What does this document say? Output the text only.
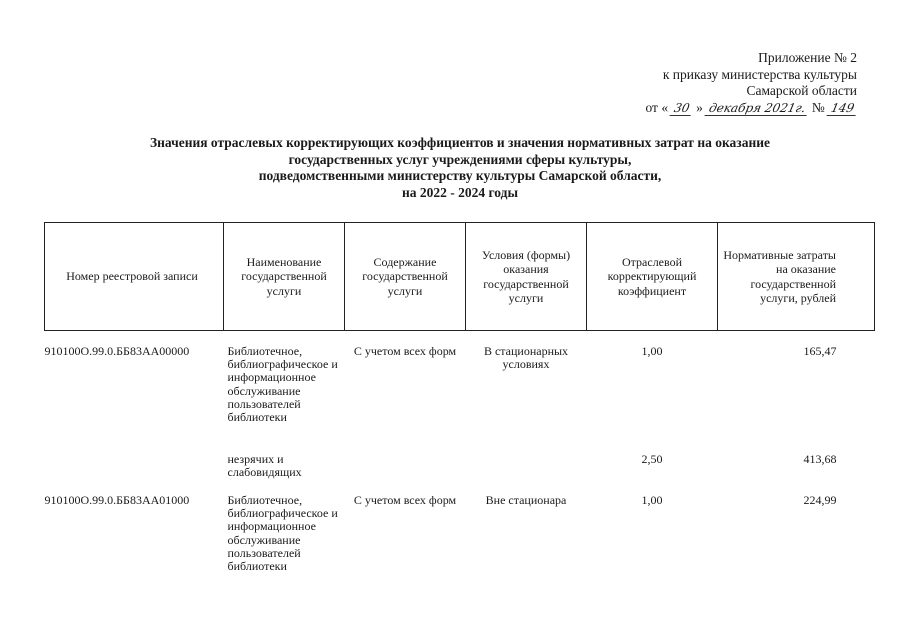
Приложение № 2
к приказу министерства культуры
Самарской области
от « 30 » декабря 2021г. № 149
Значения отраслевых корректирующих коэффициентов и значения нормативных затрат на оказание
государственных услуг учреждениями сферы культуры,
подведомственными министерству культуры Самарской области,
на 2022 - 2024 годы
Номер реестровой записи	Наименование государственной услуги	Содержание государственной услуги	Условия (формы) оказания государственной услуги	Отраслевой корректирующий коэффициент	Нормативные затраты на оказание государственной услуги, рублей

910100О.99.0.ББ83АА00000	Библиотечное, библиографическое и информационное обслуживание пользователей библиотеки	С учетом всех форм	В стационарных условиях	1,00	165,47
	незрячих и слабовидящих			2,50	413,68
910100О.99.0.ББ83АА01000	Библиотечное, библиографическое и информационное обслуживание пользователей библиотеки	С учетом всех форм	Вне стационара	1,00	224,99
